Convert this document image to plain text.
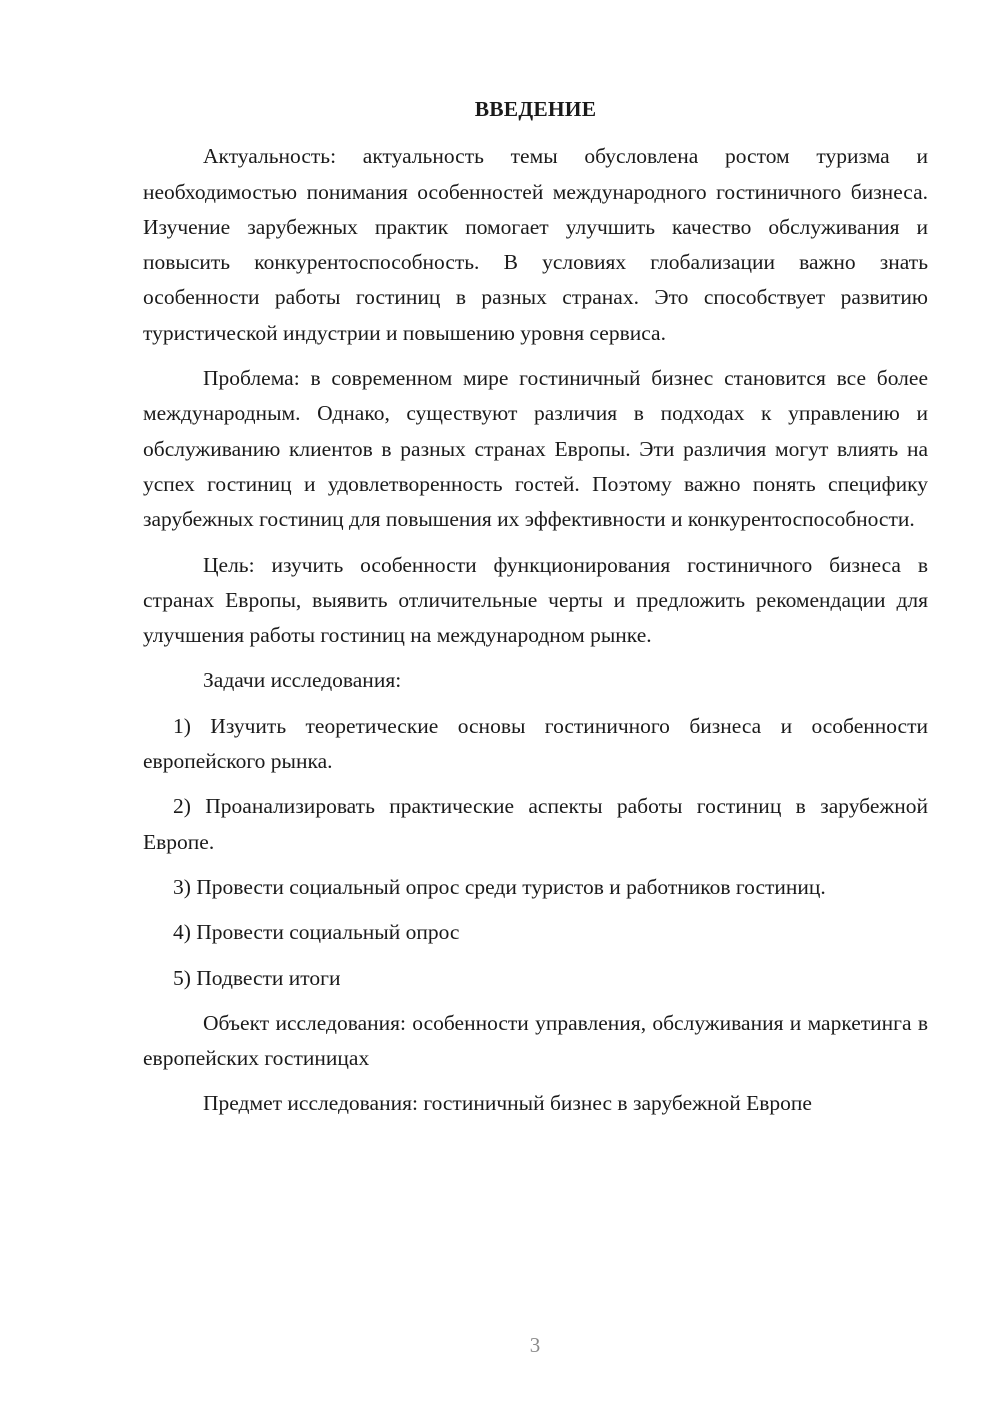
ВВЕДЕНИЕ

Актуальность: актуальность темы обусловлена ростом туризма и необходимостью понимания особенностей международного гостиничного бизнеса. Изучение зарубежных практик помогает улучшить качество обслуживания и повысить конкурентоспособность. В условиях глобализации важно знать особенности работы гостиниц в разных странах. Это способствует развитию туристической индустрии и повышению уровня сервиса.

Проблема: в современном мире гостиничный бизнес становится все более международным. Однако, существуют различия в подходах к управлению и обслуживанию клиентов в разных странах Европы. Эти различия могут влиять на успех гостиниц и удовлетворенность гостей. Поэтому важно понять специфику зарубежных гостиниц для повышения их эффективности и конкурентоспособности.

Цель: изучить особенности функционирования гостиничного бизнеса в странах Европы, выявить отличительные черты и предложить рекомендации для улучшения работы гостиниц на международном рынке.

Задачи исследования:

1) Изучить теоретические основы гостиничного бизнеса и особенности европейского рынка.

2) Проанализировать практические аспекты работы гостиниц в зарубежной Европе.

3) Провести социальный опрос среди туристов и работников гостиниц.

4) Провести социальный опрос

5) Подвести итоги

Объект исследования: особенности управления, обслуживания и маркетинга в европейских гостиницах

Предмет исследования: гостиничный бизнес в зарубежной Европе

3
